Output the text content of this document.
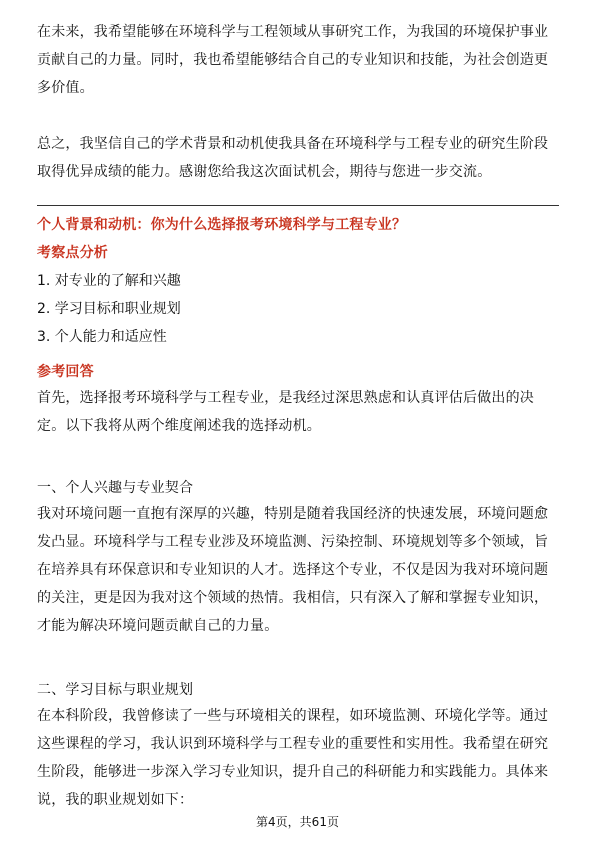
在未来，我希望能够在环境科学与工程领域从事研究工作，为我国的环境保护事业贡献自己的力量。同时，我也希望能够结合自己的专业知识和技能，为社会创造更多价值。

总之，我坚信自己的学术背景和动机使我具备在环境科学与工程专业的研究生阶段取得优异成绩的能力。感谢您给我这次面试机会，期待与您进一步交流。

个人背景和动机：你为什么选择报考环境科学与工程专业？

考察点分析

1. 对专业的了解和兴趣

2. 学习目标和职业规划

3. 个人能力和适应性

参考回答

首先，选择报考环境科学与工程专业，是我经过深思熟虑和认真评估后做出的决定。以下我将从两个维度阐述我的选择动机。

一、个人兴趣与专业契合

我对环境问题一直抱有深厚的兴趣，特别是随着我国经济的快速发展，环境问题愈发凸显。环境科学与工程专业涉及环境监测、污染控制、环境规划等多个领域，旨在培养具有环保意识和专业知识的人才。选择这个专业，不仅是因为我对环境问题的关注，更是因为我对这个领域的热情。我相信，只有深入了解和掌握专业知识，才能为解决环境问题贡献自己的力量。

二、学习目标与职业规划

在本科阶段，我曾修读了一些与环境相关的课程，如环境监测、环境化学等。通过这些课程的学习，我认识到环境科学与工程专业的重要性和实用性。我希望在研究生阶段，能够进一步深入学习专业知识，提升自己的科研能力和实践能力。具体来说，我的职业规划如下：

第4页，共61页
